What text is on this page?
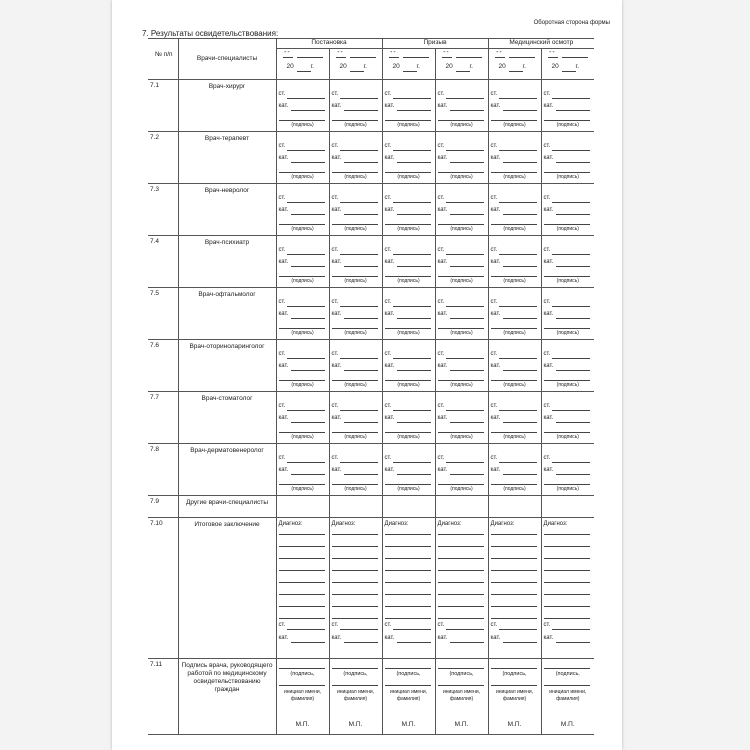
Оборотная сторона формы
7. Результаты освидетельствования:
№ п/п	Врачи-специалисты	Постановка		Призыв		Медицинский осмотр	

		" "
20 г.	" "
20 г.	" "
20 г.	" "
20 г.	" "
20 г.	" "
20 г.

7.1	Врач-хирург	ст.
кат.
(подпись)	ст.
кат.
(подпись)	ст.
кат.
(подпись)	ст.
кат.
(подпись)	ст.
кат.
(подпись)	ст.
кат.
(подпись)

7.2	Врач-терапевт	ст.
кат.
(подпись)	ст.
кат.
(подпись)	ст.
кат.
(подпись)	ст.
кат.
(подпись)	ст.
кат.
(подпись)	ст.
кат.
(подпись)

7.3	Врач-невролог	ст.
кат.
(подпись)	ст.
кат.
(подпись)	ст.
кат.
(подпись)	ст.
кат.
(подпись)	ст.
кат.
(подпись)	ст.
кат.
(подпись)

7.4	Врач-психиатр	ст.
кат.
(подпись)	ст.
кат.
(подпись)	ст.
кат.
(подпись)	ст.
кат.
(подпись)	ст.
кат.
(подпись)	ст.
кат.
(подпись)

7.5	Врач-офтальмолог	ст.
кат.
(подпись)	ст.
кат.
(подпись)	ст.
кат.
(подпись)	ст.
кат.
(подпись)	ст.
кат.
(подпись)	ст.
кат.
(подпись)

7.6	Врач-оториноларинголог	ст.
кат.
(подпись)	ст.
кат.
(подпись)	ст.
кат.
(подпись)	ст.
кат.
(подпись)	ст.
кат.
(подпись)	ст.
кат.
(подпись)

7.7	Врач-стоматолог	ст.
кат.
(подпись)	ст.
кат.
(подпись)	ст.
кат.
(подпись)	ст.
кат.
(подпись)	ст.
кат.
(подпись)	ст.
кат.
(подпись)

7.8	Врач-дерматовенеролог	ст.
кат.
(подпись)	ст.
кат.
(подпись)	ст.
кат.
(подпись)	ст.
кат.
(подпись)	ст.
кат.
(подпись)	ст.
кат.
(подпись)

7.9	Другие врачи-специалисты						
7.10	Итоговое заключение	Диагноз:
ст.
кат.	Диагноз:
ст.
кат.	Диагноз:
ст.
кат.	Диагноз:
ст.
кат.	Диагноз:
ст.
кат.	Диагноз:
ст.
кат.

7.11	Подпись врача, руководящего работой по медицинскому освидетельствованию граждан	(подпись,
инициал имени, фамилия)
М.П.	(подпись,
инициал имени, фамилия)
М.П.	(подпись,
инициал имени, фамилия)
М.П.	(подпись,
инициал имени, фамилия)
М.П.	(подпись,
инициал имени, фамилия)
М.П.	(подпись,
инициал имени, фамилия)
М.П.
